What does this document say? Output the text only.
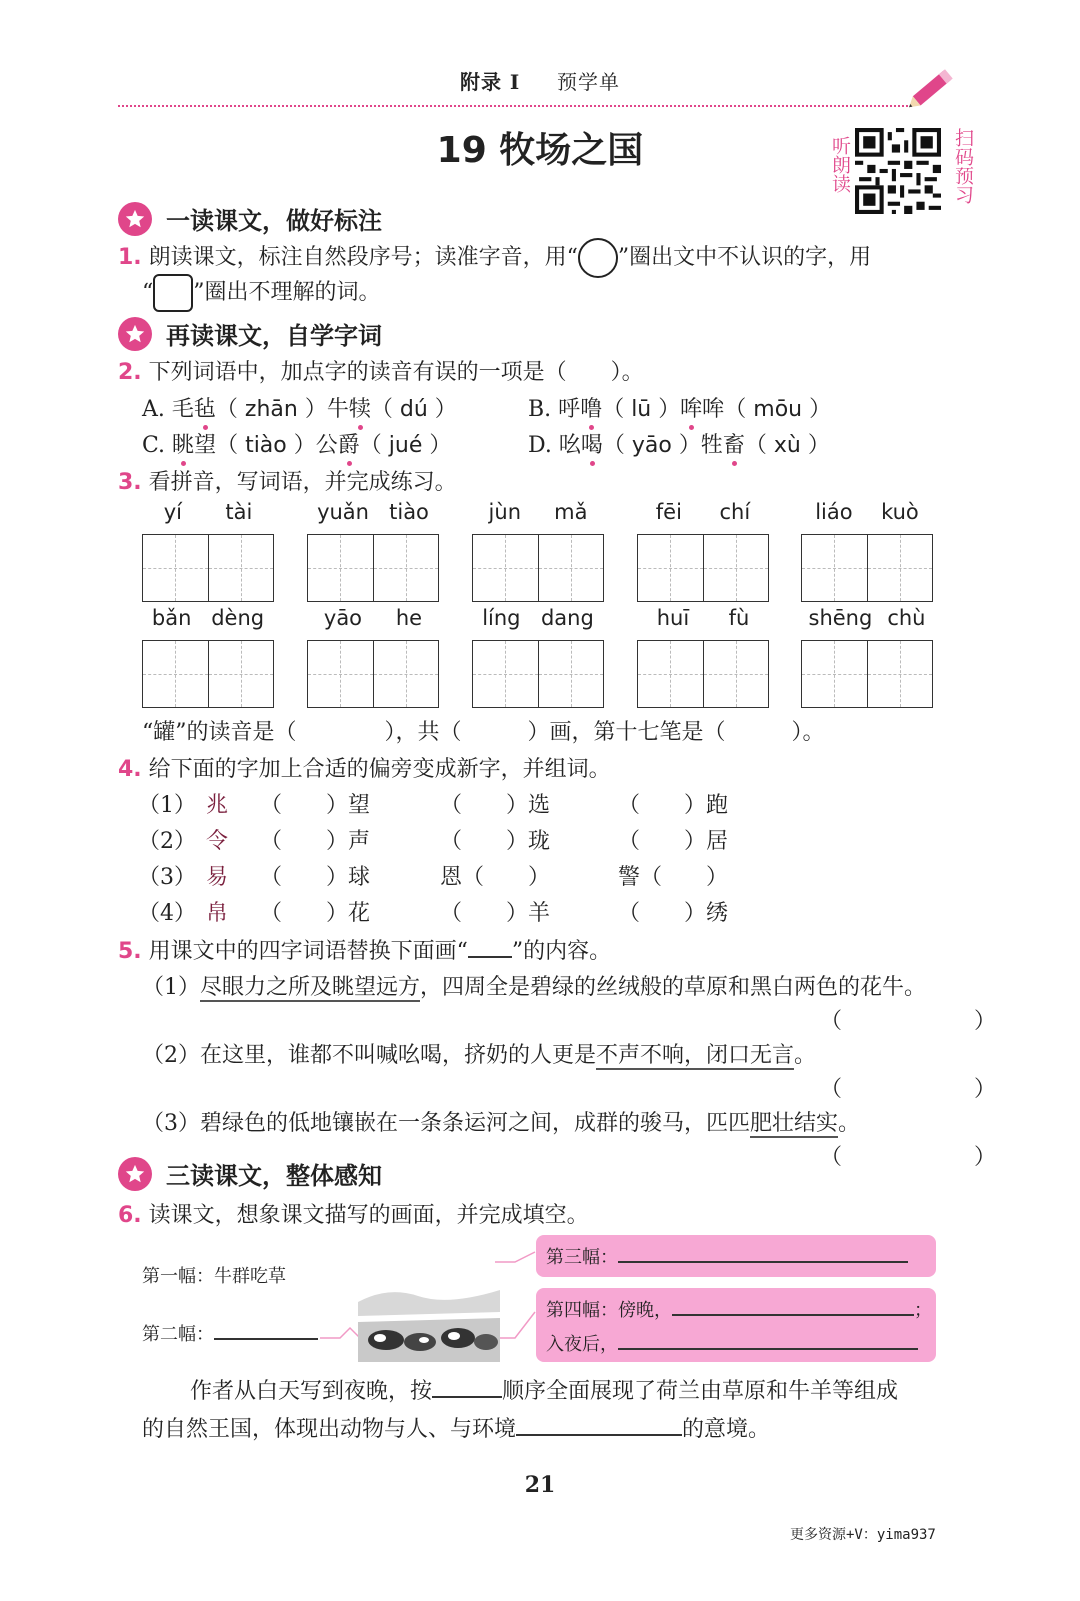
附录 I 预学单
19 牧场之国	听朗读	扫码预习
一读课文，做好标注
1. 朗读课文，标注自然段序号；读准字音，用“○”圈出文中不认识的字，用
“ ”圈出不理解的词。
再读课文，自学字词
2. 下列词语中，加点字的读音有误的一项是（　　）。
A. 毛毡（ zhān ）牛犊（ dú ）	B. 呼噜（ lū ）哞哞（ mōu ）
C. 眺望（ tiào ）公爵（ jué ）	D. 吆喝（ yāo ）牲畜（ xù ）
3. 看拼音，写词语，并完成练习。
yí tài	yuǎn tiào	jùn mǎ	fēi chí	liáo kuò
bǎn dèng	yāo he	líng dang	huī fù	shēng chù
“罐”的读音是（　　　　），共（　　　）画，第十七笔是（　　　）。
4. 给下面的字加上合适的偏旁变成新字，并组词。
（1） 兆 （　　）望	（　　）选	（　　）跑
（2） 令 （　　）声	（　　）珑	（　　）居
（3） 易 （　　）球	恩（　　）	警（　　）
（4） 帛 （　　）花	（　　）羊	（　　）绣
5. 用课文中的四字词语替换下面画“ ”的内容。
（1）尽眼力之所及眺望远方，四周全是碧绿的丝绒般的草原和黑白两色的花牛。
（　　　　　　）
（2）在这里，谁都不叫喊吆喝，挤奶的人更是不声不响，闭口无言。
（　　　　　　）
（3）碧绿色的低地镶嵌在一条条运河之间，成群的骏马，匹匹肥壮结实。
（　　　　　　）
三读课文，整体感知
6. 读课文，想象课文描写的画面，并完成填空。
第一幅：牛群吃草
第二幅：
第三幅：
第四幅：傍晚，	；
入夜后，
作者从白天写到夜晚，按	顺序全面展现了荷兰由草原和牛羊等组成
的自然王国，体现出动物与人、与环境	的意境。
21
更多资源+V：yima937
